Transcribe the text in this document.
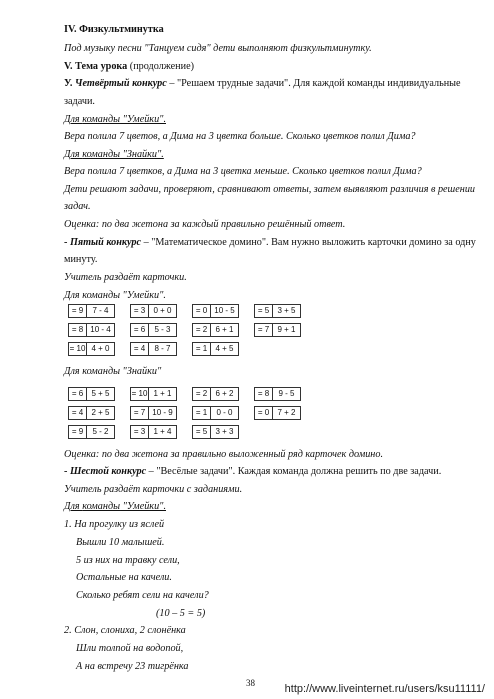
IV. Физкультминутка
Под музыку песни "Танцуем сидя" дети выполняют физкультминутку.
V. Тема урока (продолжение)
У. Четвёртый конкурс – "Решаем трудные задачи". Для каждой команды индивидуальные
задачи.
Для команды "Умейки".
Вера полила 7 цветов, а Дима на 3 цветка больше. Сколько цветков полил Дима?
Для команды "Знайки".
Вера полила 7 цветков, а Дима на 3 цветка меньше. Сколько цветков полил Дима?
Дети решают задачи, проверяют, сравнивают ответы, затем выявляют различия в решении
задач.
Оценка: по два жетона за каждый правильно решённый ответ.
- Пятый конкурс – "Математическое домино". Вам нужно выложить карточки домино за одну
минуту.
Учитель раздаёт карточки.
Для команды "Умейки".
= 9	7 - 4	= 3	0 + 0	= 0 10 - 5	= 5	3 + 5
= 8 10 - 4	= 6	5 - 3	= 2	6 + 1	= 7	9 + 1
= 10 4 + 0	= 4	8 - 7	= 1	4 + 5
Для команды "Знайки"
= 6	5 + 5	= 10 1 + 1	= 2	6 + 2	= 8	9 - 5
= 4	2 + 5	= 7 10 - 9	= 1	0 - 0	= 0	7 + 2
= 9	5 - 2	= 3	1 + 4	= 5	3 + 3
Оценка: по два жетона за правильно выложенный ряд карточек домино.
- Шестой конкурс – "Весёлые задачи". Каждая команда должна решить по две задачи.
Учитель раздаёт карточки с заданиями.
Для команды "Умейки".
1. На прогулку из яслей
Вышли 10 малышей.
5 из них на травку сели,
Остальные на качели.
Сколько ребят сели на качели?
(10 – 5 = 5)
2. Слон, слониха, 2 слонёнка
Шли толпой на водопой,
А на встречу 23 тигрёнка
38	http://www.liveinternet.ru/users/ksu11111/
